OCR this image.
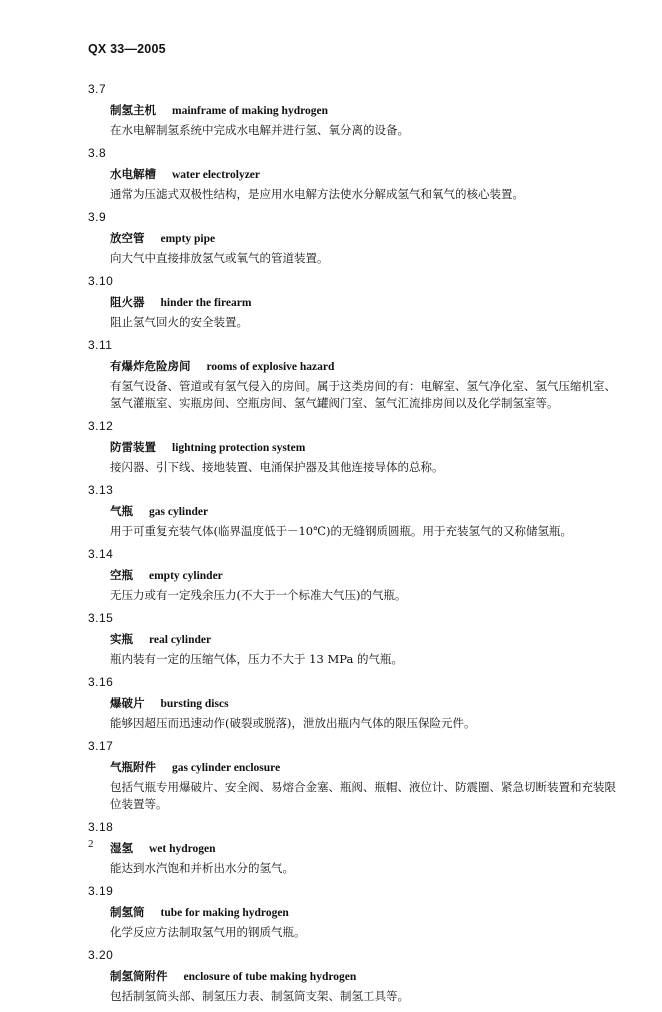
QX 33—2005
3.7
制氢主机 mainframe of making hydrogen
在水电解制氢系统中完成水电解并进行氢、氧分离的设备。
3.8
水电解槽 water electrolyzer
通常为压滤式双极性结构，是应用水电解方法使水分解成氢气和氧气的核心装置。
3.9
放空管 empty pipe
向大气中直接排放氢气或氧气的管道装置。
3.10
阻火器 hinder the firearm
阻止氢气回火的安全装置。
3.11
有爆炸危险房间 rooms of explosive hazard
有氢气设备、管道或有氢气侵入的房间。属于这类房间的有：电解室、氢气净化室、氢气压缩机室、氢气灌瓶室、实瓶房间、空瓶房间、氢气罐阀门室、氢气汇流排房间以及化学制氢室等。
3.12
防雷装置 lightning protection system
接闪器、引下线、接地装置、电涌保护器及其他连接导体的总称。
3.13
气瓶 gas cylinder
用于可重复充装气体(临界温度低于－10℃)的无缝钢质圆瓶。用于充装氢气的又称储氢瓶。
3.14
空瓶 empty cylinder
无压力或有一定残余压力(不大于一个标准大气压)的气瓶。
3.15
实瓶 real cylinder
瓶内装有一定的压缩气体，压力不大于 13 MPa 的气瓶。
3.16
爆破片 bursting discs
能够因超压而迅速动作(破裂或脱落)，泄放出瓶内气体的限压保险元件。
3.17
气瓶附件 gas cylinder enclosure
包括气瓶专用爆破片、安全阀、易熔合金塞、瓶阀、瓶帽、液位计、防震圈、紧急切断装置和充装限位装置等。
3.18
湿氢 wet hydrogen
能达到水汽饱和并析出水分的氢气。
3.19
制氢筒 tube for making hydrogen
化学反应方法制取氢气用的钢质气瓶。
3.20
制氢筒附件 enclosure of tube making hydrogen
包括制氢筒头部、制氢压力表、制氢筒支架、制氢工具等。
2
